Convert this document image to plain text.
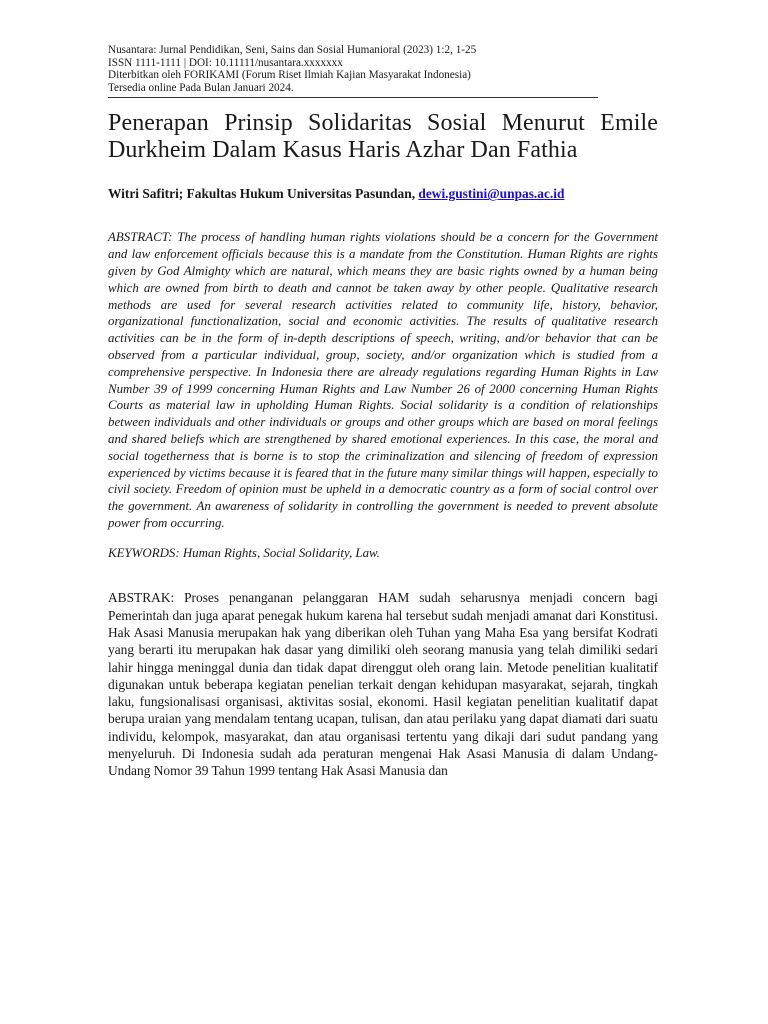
Nusantara: Jurnal Pendidikan, Seni, Sains dan Sosial Humanioral (2023) 1:2, 1-25
ISSN 1111-1111 | DOI: 10.11111/nusantara.xxxxxxx
Diterbitkan oleh FORIKAMI (Forum Riset Ilmiah Kajian Masyarakat Indonesia)
Tersedia online Pada Bulan Januari 2024.
Penerapan Prinsip Solidaritas Sosial Menurut Emile Durkheim Dalam Kasus Haris Azhar Dan Fathia
Witri Safitri; Fakultas Hukum Universitas Pasundan, dewi.gustini@unpas.ac.id

ABSTRACT: The process of handling human rights violations should be a concern for the Government and law enforcement officials because this is a mandate from the Constitution. Human Rights are rights given by God Almighty which are natural, which means they are basic rights owned by a human being which are owned from birth to death and cannot be taken away by other people. Qualitative research methods are used for several research activities related to community life, history, behavior, organizational functionalization, social and economic activities. The results of qualitative research activities can be in the form of in-depth descriptions of speech, writing, and/or behavior that can be observed from a particular individual, group, society, and/or organization which is studied from a comprehensive perspective. In Indonesia there are already regulations regarding Human Rights in Law Number 39 of 1999 concerning Human Rights and Law Number 26 of 2000 concerning Human Rights Courts as material law in upholding Human Rights. Social solidarity is a condition of relationships between individuals and other individuals or groups and other groups which are based on moral feelings and shared beliefs which are strengthened by shared emotional experiences. In this case, the moral and social togetherness that is borne is to stop the criminalization and silencing of freedom of expression experienced by victims because it is feared that in the future many similar things will happen, especially to civil society. Freedom of opinion must be upheld in a democratic country as a form of social control over the government. An awareness of solidarity in controlling the government is needed to prevent absolute power from occurring.

KEYWORDS: Human Rights, Social Solidarity, Law.

ABSTRAK: Proses penanganan pelanggaran HAM sudah seharusnya menjadi concern bagi Pemerintah dan juga aparat penegak hukum karena hal tersebut sudah menjadi amanat dari Konstitusi. Hak Asasi Manusia merupakan hak yang diberikan oleh Tuhan yang Maha Esa yang bersifat Kodrati yang berarti itu merupakan hak dasar yang dimiliki oleh seorang manusia yang telah dimiliki sedari lahir hingga meninggal dunia dan tidak dapat direnggut oleh orang lain. Metode penelitian kualitatif digunakan untuk beberapa kegiatan penelian terkait dengan kehidupan masyarakat, sejarah, tingkah laku, fungsionalisasi organisasi, aktivitas sosial, ekonomi. Hasil kegiatan penelitian kualitatif dapat berupa uraian yang mendalam tentang ucapan, tulisan, dan atau perilaku yang dapat diamati dari suatu individu, kelompok, masyarakat, dan atau organisasi tertentu yang dikaji dari sudut pandang yang menyeluruh. Di Indonesia sudah ada peraturan mengenai Hak Asasi Manusia di dalam Undang-Undang Nomor 39 Tahun 1999 tentang Hak Asasi Manusia dan
